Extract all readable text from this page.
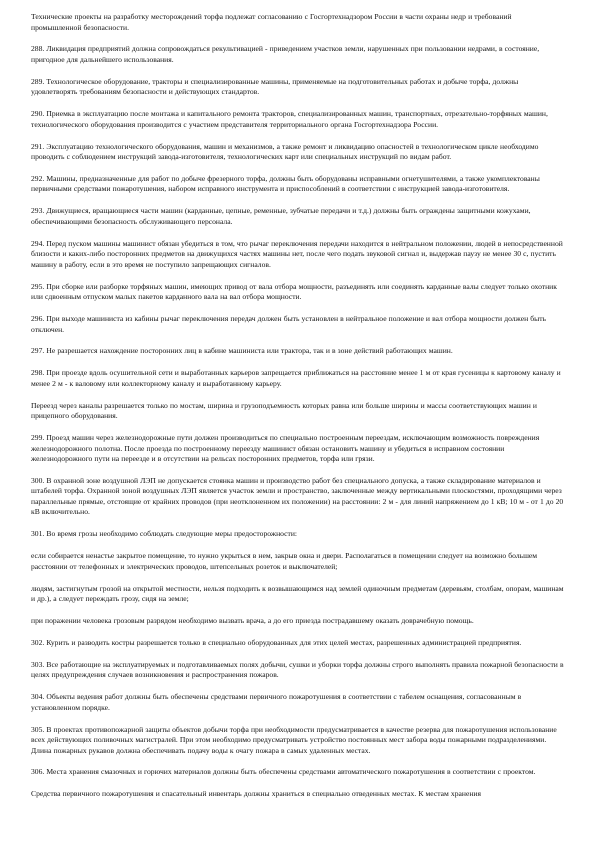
Технические проекты на разработку месторождений торфа подлежат согласованию с Госгортехнадзором России в части охраны недр и требований промышленной безопасности.

288. Ликвидация предприятий должна сопровождаться рекультивацией - приведением участков земли, нарушенных при пользовании недрами, в состояние, пригодное для дальнейшего использования.

289. Технологическое оборудование, тракторы и специализированные машины, применяемые на подготовительных работах и добыче торфа, должны удовлетворять требованиям безопасности и действующих стандартов.

290. Приемка в эксплуатацию после монтажа и капитального ремонта тракторов, специализированных машин, транспортных, отрезательно-торфяных машин, технологического оборудования производится с участием представителя территориального органа Госгортехнадзора России.

291. Эксплуатацию технологического оборудования, машин и механизмов, а также ремонт и ликвидацию опасностей в технологическом цикле необходимо проводить с соблюдением инструкций завода-изготовителя, технологических карт или специальных инструкций по видам работ.

292. Машины, предназначенные для работ по добыче фрезерного торфа, должны быть оборудованы исправными огнетушителями, а также укомплектованы первичными средствами пожаротушения, набором исправного инструмента и приспособлений в соответствии с инструкцией завода-изготовителя.

293. Движущиеся, вращающиеся части машин (карданные, цепные, ременные, зубчатые передачи и т.д.) должны быть ограждены защитными кожухами, обеспечивающими безопасность обслуживающего персонала.

294. Перед пуском машины машинист обязан убедиться в том, что рычаг переключения передачи находится в нейтральном положении, людей в непосредственной близости и каких-либо посторонних предметов на движущихся частях машины нет, после чего подать звуковой сигнал и, выдержав паузу не менее 30 с, пустить машину в работу, если в это время не поступило запрещающих сигналов.

295. При сборке или разборке торфяных машин, имеющих привод от вала отбора мощности, разъединять или соединять карданные валы следует только охотник или сдвоенным отпуском малых пакетов карданного вала на вал отбора мощности.

296. При выходе машиниста из кабины рычаг переключения передач должен быть установлен в нейтральное положение и вал отбора мощности должен быть отключен.

297. Не разрешается нахождение посторонних лиц в кабине машиниста или трактора, так и в зоне действий работающих машин.

298. При проезде вдоль осушительной сети и выработанных карьеров запрещается приближаться на расстояние менее 1 м от края гусеницы к картовому каналу и менее 2 м - к валовому или коллекторному каналу и выработанному карьеру.

Переезд через каналы разрешается только по мостам, ширина и грузоподъемность которых равна или больше ширины и массы соответствующих машин и прицепного оборудования.

299. Проезд машин через железнодорожные пути должен производиться по специально построенным переездам, исключающим возможность повреждения железнодорожного полотна. После проезда по построенному переезду машинист обязан остановить машину и убедиться в исправном состоянии железнодорожного пути на переезде и в отсутствии на рельсах посторонних предметов, торфа или грязи.

300. В охранной зоне воздушной ЛЭП не допускается стоянка машин и производство работ без специального допуска, а также складирование материалов и штабелей торфа. Охранной зоной воздушных ЛЭП является участок земли и пространство, заключенные между вертикальными плоскостями, проходящими через параллельные прямые, отстоящие от крайних проводов (при неотклоненном их положении) на расстоянии: 2 м - для линий напряжением до 1 кВ; 10 м - от 1 до 20 кВ включительно.

301. Во время грозы необходимо соблюдать следующие меры предосторожности:

если собирается ненастье закрытое помещение, то нужно укрыться в нем, закрыв окна и двери. Располагаться в помещении следует на возможно большем расстоянии от телефонных и электрических проводов, штепсельных розеток и выключателей;

людям, застигнутым грозой на открытой местности, нельзя подходить к возвышающимся над землей одиночным предметам (деревьям, столбам, опорам, машинам и др.), а следует переждать грозу, сидя на земле;

при поражении человека грозовым разрядом необходимо вызвать врача, а до его приезда пострадавшему оказать доврачебную помощь.

302. Курить и разводить костры разрешается только в специально оборудованных для этих целей местах, разрешенных администрацией предприятия.

303. Все работающие на эксплуатируемых и подготавливаемых полях добычи, сушки и уборки торфа должны строго выполнять правила пожарной безопасности в целях предупреждения случаев возникновения и распространения пожаров.

304. Объекты ведения работ должны быть обеспечены средствами первичного пожаротушения в соответствии с табелем оснащения, согласованным в установленном порядке.

305. В проектах противопожарной защиты объектов добычи торфа при необходимости предусматривается в качестве резерва для пожаротушения использование всех действующих поливочных магистралей. При этом необходимо предусматривать устройство постоянных мест забора воды пожарными подразделениями. Длина пожарных рукавов должна обеспечивать подачу воды к очагу пожара в самых удаленных местах.

306. Места хранения смазочных и горючих материалов должны быть обеспечены средствами автоматического пожаротушения в соответствии с проектом.

Средства первичного пожаротушения и спасательный инвентарь должны храниться в специально отведенных местах. К местам хранения
